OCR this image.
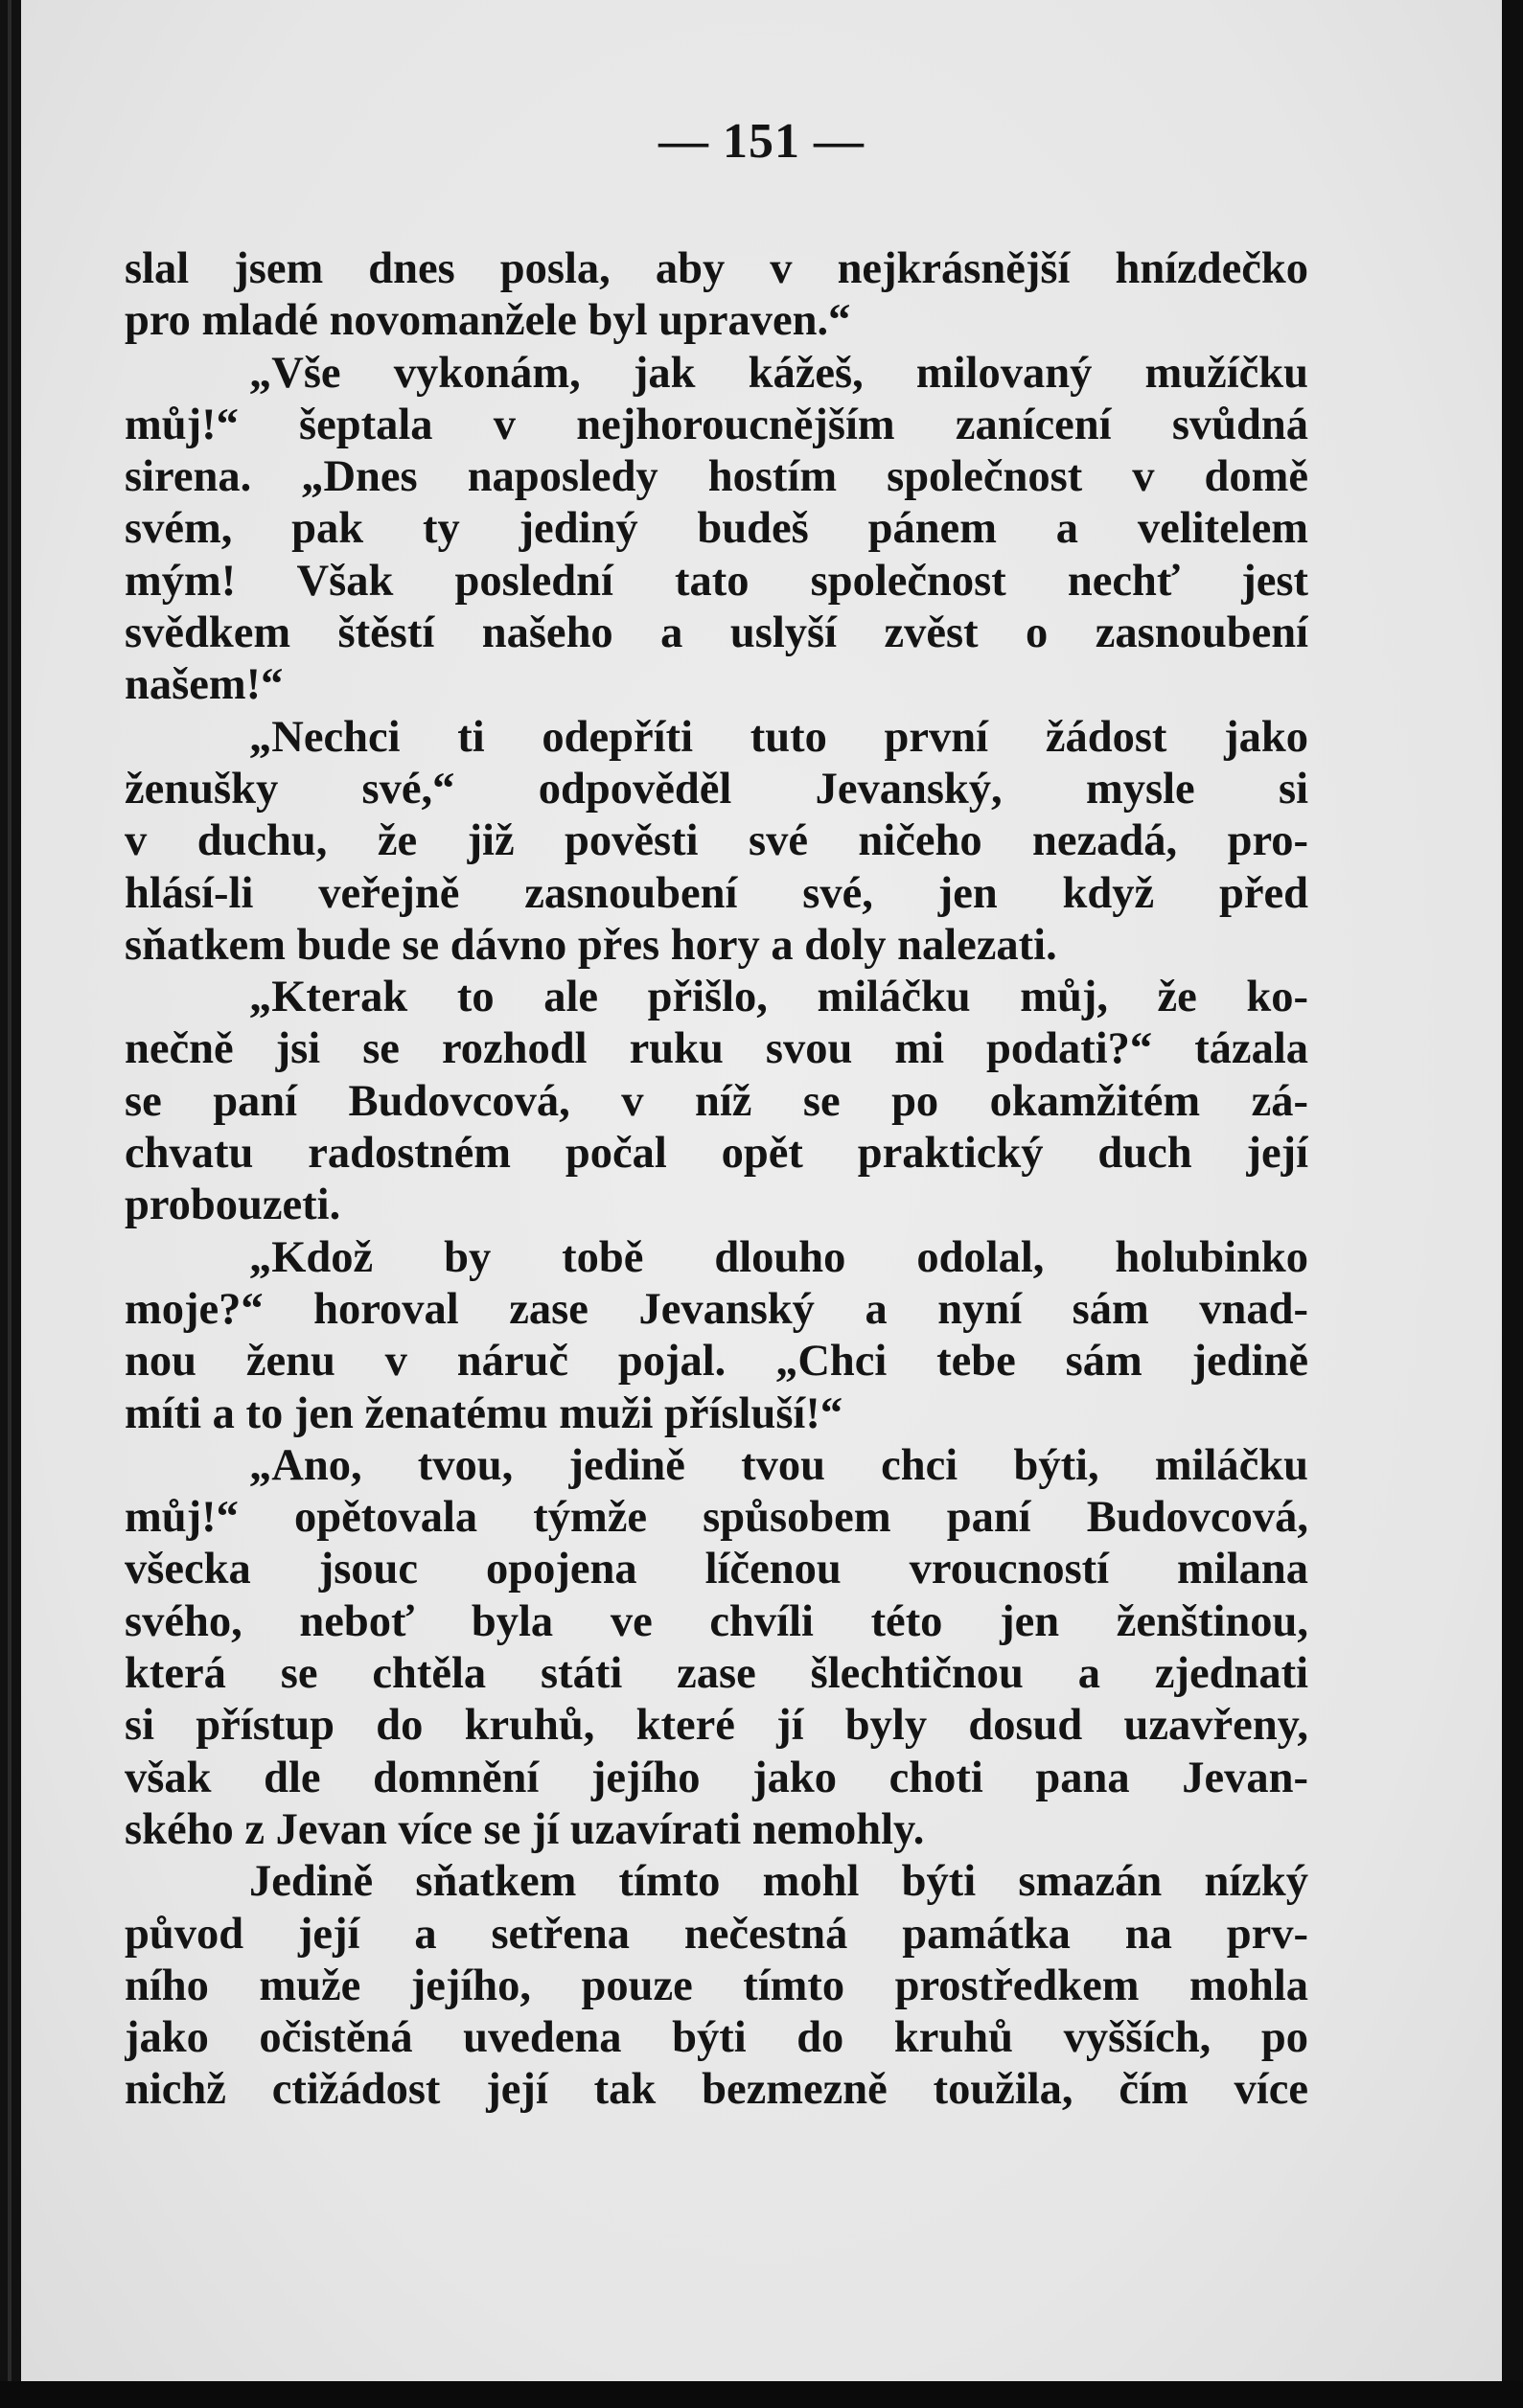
— 151 —
slal jsem dnes posla, aby v nejkrásnější hnízdečko
pro mladé novomanžele byl upraven.“
„Vše vykonám, jak kážeš, milovaný mužíčku
můj!“ šeptala v nejhoroucnějším zanícení svůdná
sirena. „Dnes naposledy hostím společnost v domě
svém, pak ty jediný budeš pánem a velitelem
mým! Však poslední tato společnost nechť jest
svědkem štěstí našeho a uslyší zvěst o zasnoubení
našem!“
„Nechci ti odepříti tuto první žádost jako
ženušky své,“ odpověděl Jevanský, mysle si
v duchu, že již pověsti své ničeho nezadá, pro-
hlásí-li veřejně zasnoubení své, jen když před
sňatkem bude se dávno přes hory a doly nalezati.
„Kterak to ale přišlo, miláčku můj, že ko-
nečně jsi se rozhodl ruku svou mi podati?“ tázala
se paní Budovcová, v níž se po okamžitém zá-
chvatu radostném počal opět praktický duch její
probouzeti.
„Kdož by tobě dlouho odolal, holubinko
moje?“ horoval zase Jevanský a nyní sám vnad-
nou ženu v náruč pojal. „Chci tebe sám jedině
míti a to jen ženatému muži přísluší!“
„Ano, tvou, jedině tvou chci býti, miláčku
můj!“ opětovala týmže spůsobem paní Budovcová,
všecka jsouc opojena líčenou vroucností milana
svého, neboť byla ve chvíli této jen ženštinou,
která se chtěla státi zase šlechtičnou a zjednati
si přístup do kruhů, které jí byly dosud uzavřeny,
však dle domnění jejího jako choti pana Jevan-
ského z Jevan více se jí uzavírati nemohly.
Jedině sňatkem tímto mohl býti smazán nízký
původ její a setřena nečestná památka na prv-
ního muže jejího, pouze tímto prostředkem mohla
jako očistěná uvedena býti do kruhů vyšších, po
nichž ctižádost její tak bezmezně toužila, čím více
